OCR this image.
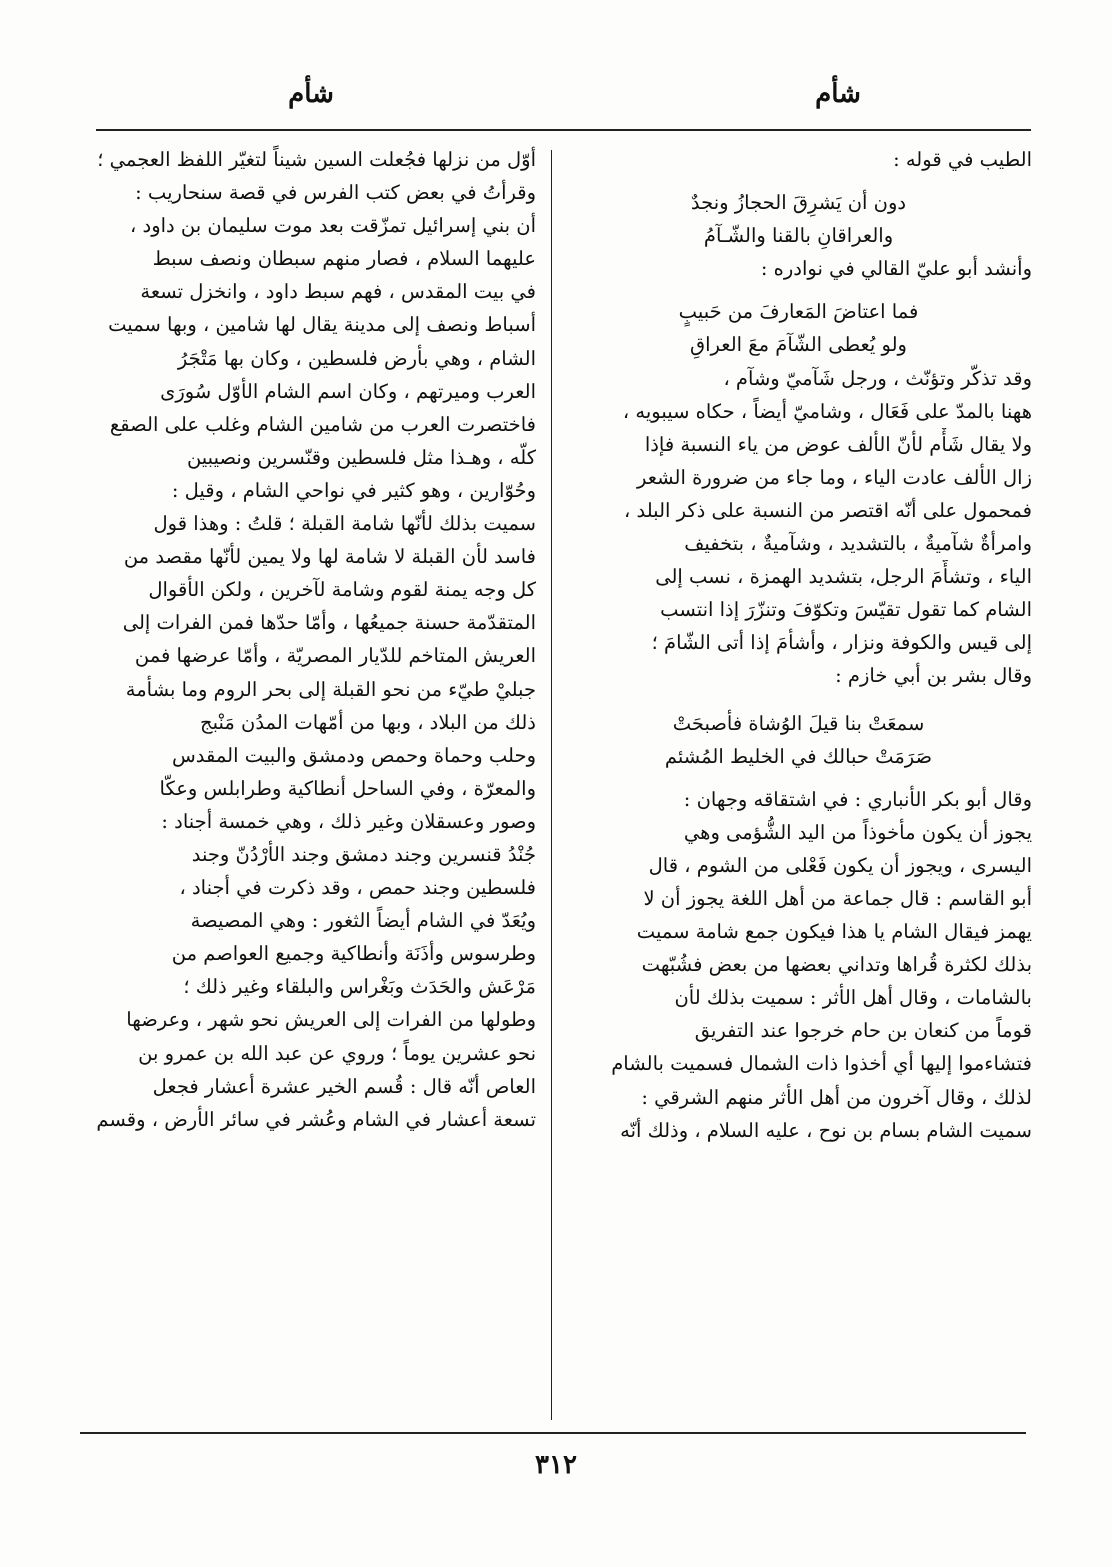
شأم
شأم
الطيب في قوله :
دون أن يَشرِقَ الحجازُ ونجدٌ
والعراقانِ بالقنا والشّـآمُ
وأنشد أبو عليّ القالي في نوادره :
فما اعتاضَ المَعارفَ من حَبيبٍ
ولو يُعطى الشّآمَ معَ العراقِ
وقد تذكّر وتؤنّث ، ورجل شَآميّ وشآم ،
ههنا بالمدّ على فَعَال ، وشاميّ أيضاً ، حكاه سيبويه ،
ولا يقال شَأْم لأنّ الألف عوض من ياء النسبة فإذا
زال الألف عادت الياء ، وما جاء من ضرورة الشعر
فمحمول على أنّه اقتصر من النسبة على ذكر البلد ،
وامرأةٌ شآميةٌ ، بالتشديد ، وشآميةٌ ، بتخفيف
الياء ، وتشأّمَ الرجل، بتشديد الهمزة ، نسب إلى
الشام كما تقول تقيّسَ وتكوّفَ وتنزّرَ إذا انتسب
إلى قيس والكوفة ونزار ، وأشأمَ إذا أتى الشّامَ ؛
وقال بشر بن أبي خازم :
سمعَتْ بنا قيلَ الوُشاة فأصبحَتْ
صَرَمَتْ حبالك في الخليط المُشئم
وقال أبو بكر الأنباري : في اشتقاقه وجهان :
يجوز أن يكون مأخوذاً من اليد الشُّؤمى وهي
اليسرى ، ويجوز أن يكون فَعْلى من الشوم ، قال
أبو القاسم : قال جماعة من أهل اللغة يجوز أن لا
يهمز فيقال الشام يا هذا فيكون جمع شامة سميت
بذلك لكثرة قُراها وتداني بعضها من بعض فشُبّهت
بالشامات ، وقال أهل الأثر : سميت بذلك لأن
قوماً من كنعان بن حام خرجوا عند التفريق
فتشاءموا إليها أي أخذوا ذات الشمال فسميت بالشام
لذلك ، وقال آخرون من أهل الأثر منهم الشرقي :
سميت الشام بسام بن نوح ، عليه السلام ، وذلك أنّه
أوّل من نزلها فجُعلت السين شيناً لتغيّر اللفظ العجمي ؛
وقرأتُ في بعض كتب الفرس في قصة سنحاريب :
أن بني إسرائيل تمزّقت بعد موت سليمان بن داود ،
عليهما السلام ، فصار منهم سبطان ونصف سبط
في بيت المقدس ، فهم سبط داود ، وانخزل تسعة
أسباط ونصف إلى مدينة يقال لها شامين ، وبها سميت
الشام ، وهي بأرض فلسطين ، وكان بها مَتْجَرُ
العرب وميرتهم ، وكان اسم الشام الأوّل سُورَى
فاختصرت العرب من شامين الشام وغلب على الصقع
كلّه ، وهـذا مثل فلسطين وقنّسرين ونصيبين
وحُوّارين ، وهو كثير في نواحي الشام ، وقيل :
سميت بذلك لأنّها شامة القبلة ؛ قلتُ : وهذا قول
فاسد لأن القبلة لا شامة لها ولا يمين لأنّها مقصد من
كل وجه يمنة لقوم وشامة لآخرين ، ولكن الأقوال
المتقدّمة حسنة جميعُها ، وأمّا حدّها فمن الفرات إلى
العريش المتاخم للدّيار المصريّة ، وأمّا عرضها فمن
جبليْ طيّء من نحو القبلة إلى بحر الروم وما بشأمة
ذلك من البلاد ، وبها من أمّهات المدُن مَنْبج
وحلب وحماة وحمص ودمشق والبيت المقدس
والمعرّة ، وفي الساحل أنطاكية وطرابلس وعكّا
وصور وعسقلان وغير ذلك ، وهي خمسة أجناد :
جُنْدُ قنسرين وجند دمشق وجند الأرْدُنّ وجند
فلسطين وجند حمص ، وقد ذكرت في أجناد ،
ويُعَدّ في الشام أيضاً الثغور : وهي المصيصة
وطرسوس وأذَنَة وأنطاكية وجميع العواصم من
مَرْعَش والحَدَث وبَغْراس والبلقاء وغير ذلك ؛
وطولها من الفرات إلى العريش نحو شهر ، وعرضها
نحو عشرين يوماً ؛ وروي عن عبد الله بن عمرو بن
العاص أنّه قال : قُسم الخير عشرة أعشار فجعل
تسعة أعشار في الشام وعُشر في سائر الأرض ، وقسم
٣١٢
